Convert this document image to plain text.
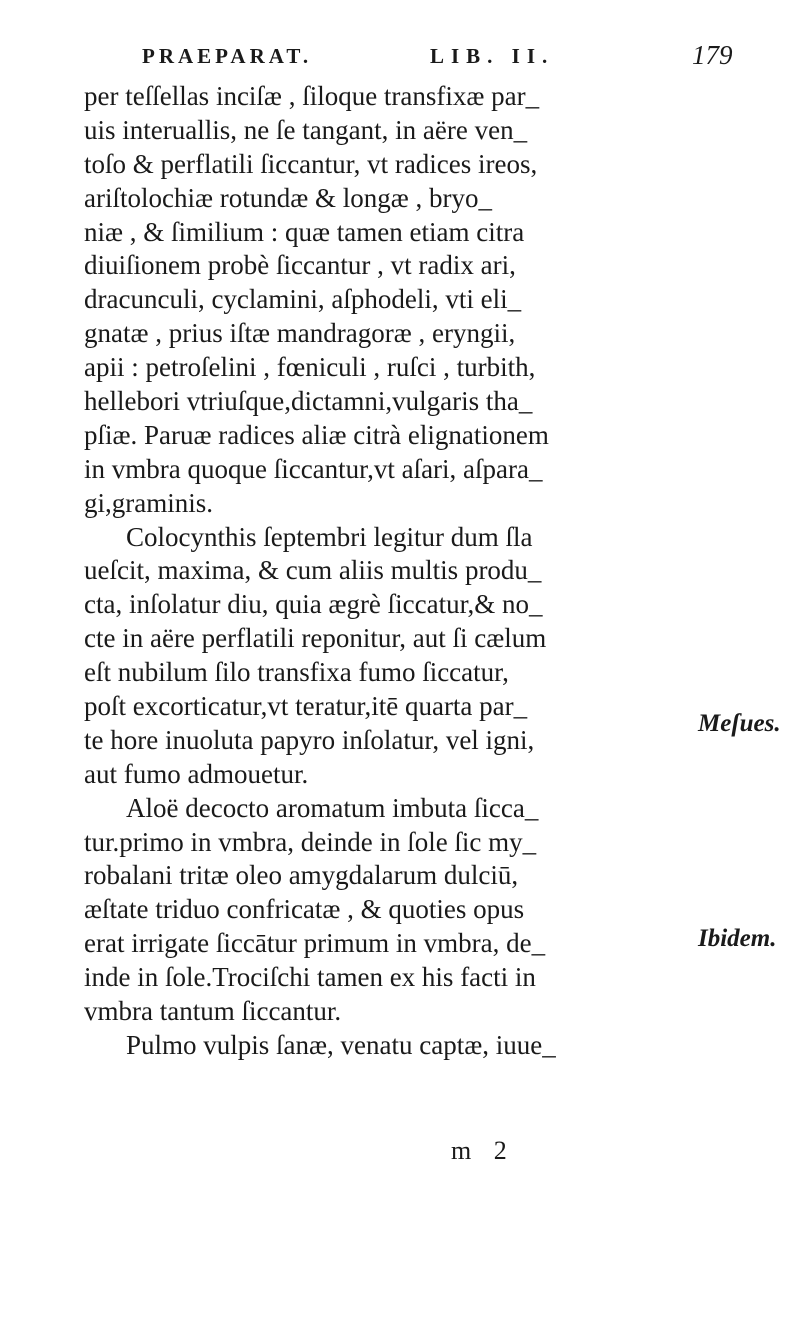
PRAEPARAT.	LIB. II.	179
per teſſellas inciſæ , ſiloque transfixæ par_
uis interuallis, ne ſe tangant, in aëre ven_
toſo & perflatili ſiccantur, vt radices ireos,
ariſtolochiæ rotundæ & longæ , bryo_
niæ , & ſimilium : quæ tamen etiam citra
diuiſionem probè ſiccantur , vt radix ari,
dracunculi, cyclamini, aſphodeli, vti eli_
gnatæ , prius iſtæ mandragoræ , eryngii,
apii : petroſelini , fœniculi , ruſci , turbith,
hellebori vtriuſque,dictamni,vulgaris tha_
pſiæ. Paruæ radices aliæ citrà elignationem
in vmbra quoque ſiccantur,vt aſari, aſpara_
gi,graminis.
Colocynthis ſeptembri legitur dum ſla
ueſcit, maxima, & cum aliis multis produ_
cta, inſolatur diu, quia ægrè ſiccatur,& no_
cte in aëre perflatili reponitur, aut ſi cælum
eſt nubilum ſilo transfixa fumo ſiccatur,
poſt excorticatur,vt teratur,itē quarta par_
te hore inuoluta papyro inſolatur, vel igni,
aut fumo admouetur.
Aloë decocto aromatum imbuta ſicca_
tur.primo in vmbra, deinde in ſole ſic my_
robalani tritæ oleo amygdalarum dulciū,
æſtate triduo confricatæ , & quoties opus
erat irrigate ſiccātur primum in vmbra, de_
inde in ſole.Trociſchi tamen ex his facti in
vmbra tantum ſiccantur.
Pulmo vulpis ſanæ, venatu captæ, iuue_
Meſues.
Ibidem.
m 2
